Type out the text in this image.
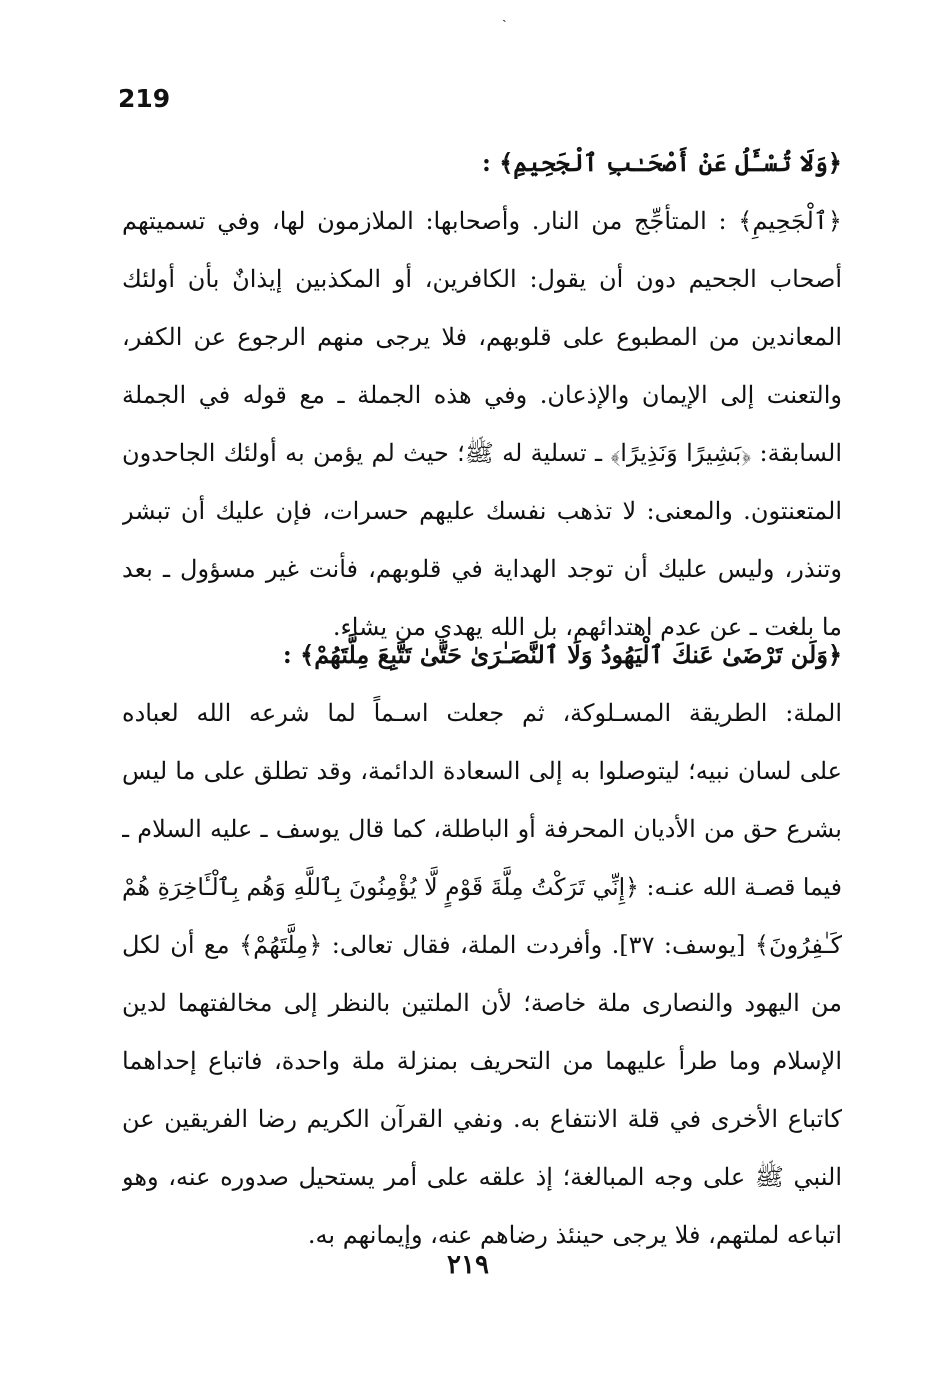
ˎ
219
﴿وَلَا تُسْـَٔلُ عَنْ أَصْحَـٰبِ ٱلْجَحِيمِ﴾ :
﴿ٱلْجَحِيمِ﴾ : المتأجِّج من النار. وأصحابها: الملازمون لها، وفي تسميتهم
أصحاب الجحيم دون أن يقول: الكافرين، أو المكذبين إيذانٌ بأن أولئك
المعاندين من المطبوع على قلوبهم، فلا يرجى منهم الرجوع عن الكفر،
والتعنت إلى الإيمان والإذعان. وفي هذه الجملة ـ مع قوله في الجملة
السابقة: ﴿بَشِيرًا وَنَذِيرًا﴾ ـ تسلية له ﷺ؛ حيث لم يؤمن به أولئك الجاحدون
المتعنتون. والمعنى: لا تذهب نفسك عليهم حسرات، فإن عليك أن تبشر
وتنذر، وليس عليك أن توجد الهداية في قلوبهم، فأنت غير مسؤول ـ بعد
ما بلغت ـ عن عدم اهتدائهم، بل الله يهدي من يشاء.
﴿وَلَن تَرْضَىٰ عَنكَ ٱلْيَهُودُ وَلَا ٱلنَّصَـٰرَىٰ حَتَّىٰ تَتَّبِعَ مِلَّتَهُمْ﴾ :
الملة: الطريقة المسـلوكة، ثم جعلت اسـماً لما شرعه الله لعباده
على لسان نبيه؛ ليتوصلوا به إلى السعادة الدائمة، وقد تطلق على ما ليس
بشرع حق من الأديان المحرفة أو الباطلة، كما قال يوسف ـ عليه السلام ـ
فيما قصـة الله عنـه: ﴿إِنِّي تَرَكْتُ مِلَّةَ قَوْمٍ لَّا يُؤْمِنُونَ بِٱللَّهِ وَهُم بِٱلْـَٔاخِرَةِ هُمْ
كَـٰفِرُونَ﴾ [يوسف: ٣٧]. وأفردت الملة، فقال تعالى: ﴿مِلَّتَهُمْ﴾ مع أن لكل
من اليهود والنصارى ملة خاصة؛ لأن الملتين بالنظر إلى مخالفتهما لدين
الإسلام وما طرأ عليهما من التحريف بمنزلة ملة واحدة، فاتباع إحداهما
كاتباع الأخرى في قلة الانتفاع به. ونفي القرآن الكريم رضا الفريقين عن
النبي ﷺ على وجه المبالغة؛ إذ علقه على أمر يستحيل صدوره عنه، وهو
اتباعه لملتهم، فلا يرجى حينئذ رضاهم عنه، وإيمانهم به.
٢١٩
